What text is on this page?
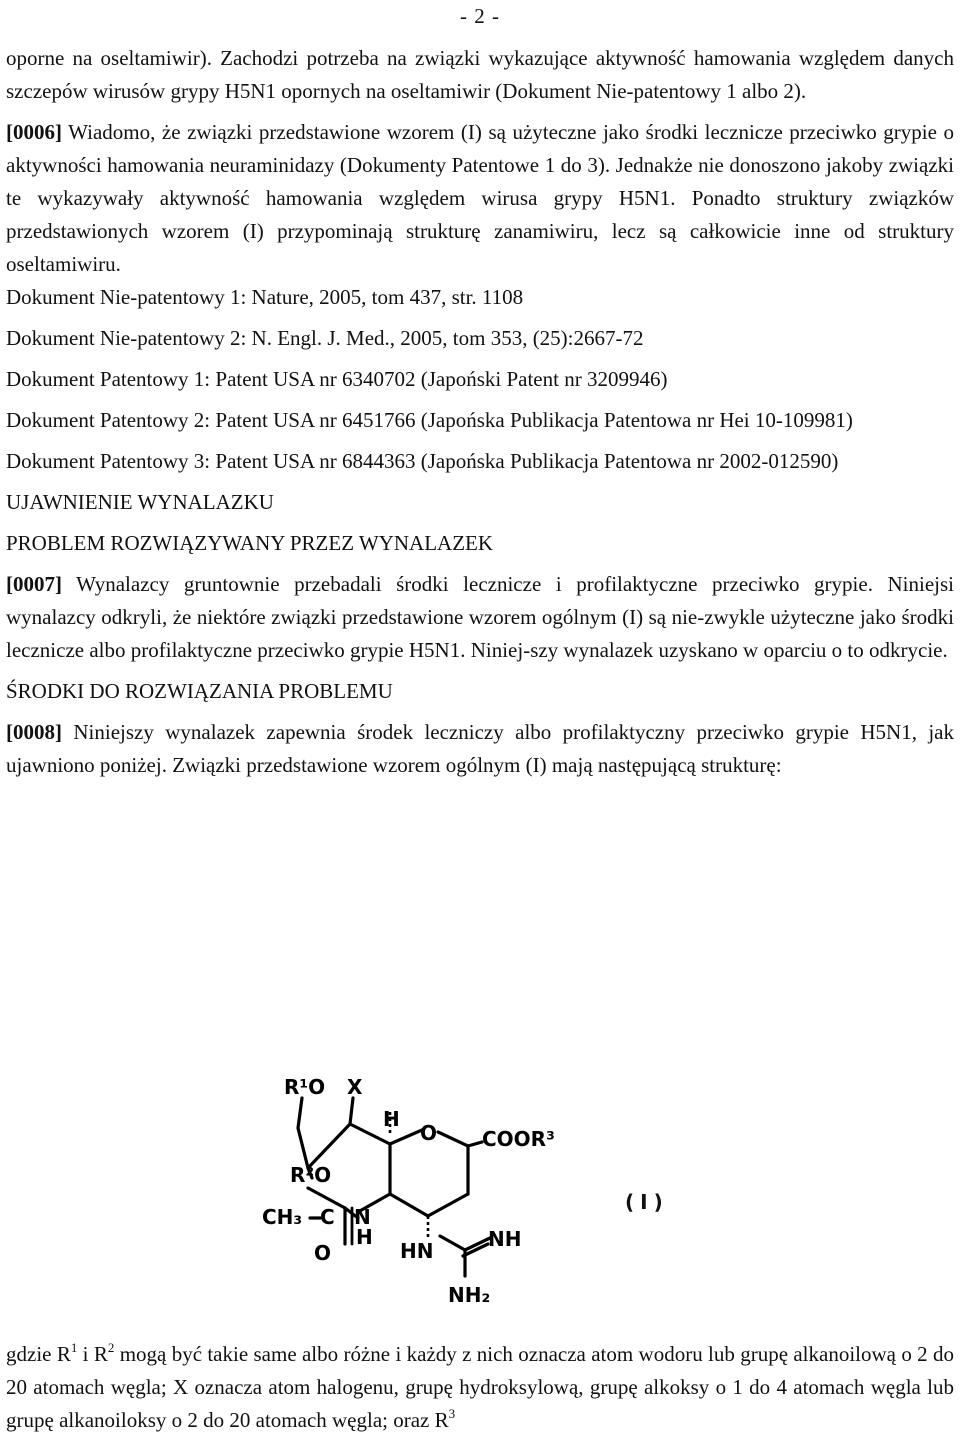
- 2 -

oporne na oseltamiwir). Zachodzi potrzeba na związki wykazujące aktywność hamowania względem danych szczepów wirusów grypy H5N1 opornych na oseltamiwir (Dokument Nie-patentowy 1 albo 2).

[0006] Wiadomo, że związki przedstawione wzorem (I) są użyteczne jako środki lecznicze przeciwko grypie o aktywności hamowania neuraminidazy (Dokumenty Patentowe 1 do 3). Jednakże nie donoszono jakoby związki te wykazywały aktywność hamowania względem wirusa grypy H5N1. Ponadto struktury związków przedstawionych wzorem (I) przypominają strukturę zanamiwiru, lecz są całkowicie inne od struktury oseltamiwiru.

Dokument Nie-patentowy 1: Nature, 2005, tom 437, str. 1108

Dokument Nie-patentowy 2: N. Engl. J. Med., 2005, tom 353, (25):2667-72

Dokument Patentowy 1: Patent USA nr 6340702 (Japoński Patent nr 3209946)

Dokument Patentowy 2: Patent USA nr 6451766 (Japońska Publikacja Patentowa nr Hei 10-109981)

Dokument Patentowy 3: Patent USA nr 6844363 (Japońska Publikacja Patentowa nr 2002-012590)

UJAWNIENIE WYNALAZKU

PROBLEM ROZWIĄZYWANY PRZEZ WYNALAZEK

[0007] Wynalazcy gruntownie przebadali środki lecznicze i profilaktyczne przeciwko grypie. Niniejsi wynalazcy odkryli, że niektóre związki przedstawione wzorem ogólnym (I) są nie-zwykle użyteczne jako środki lecznicze albo profilaktyczne przeciwko grypie H5N1. Niniej-szy wynalazek uzyskano w oparciu o to odkrycie.

ŚRODKI DO ROZWIĄZANIA PROBLEMU

[0008] Niniejszy wynalazek zapewnia środek leczniczy albo profilaktyczny przeciwko grypie H5N1, jak ujawniono poniżej. Związki przedstawione wzorem ogólnym (I) mają następującą strukturę:

R¹O X
H
O COOR³
R²O
CH₃ C N
H
O	HN	NH
NH₂
(I)

gdzie $R^1$ i $R^2$ mogą być takie same albo różne i każdy z nich oznacza atom wodoru lub grupę alkanoilową o 2 do 20 atomach węgla; X oznacza atom halogenu, grupę hydroksylową, grupę alkoksy o 1 do 4 atomach węgla lub grupę alkanoiloksy o 2 do 20 atomach węgla; oraz $R^3$
